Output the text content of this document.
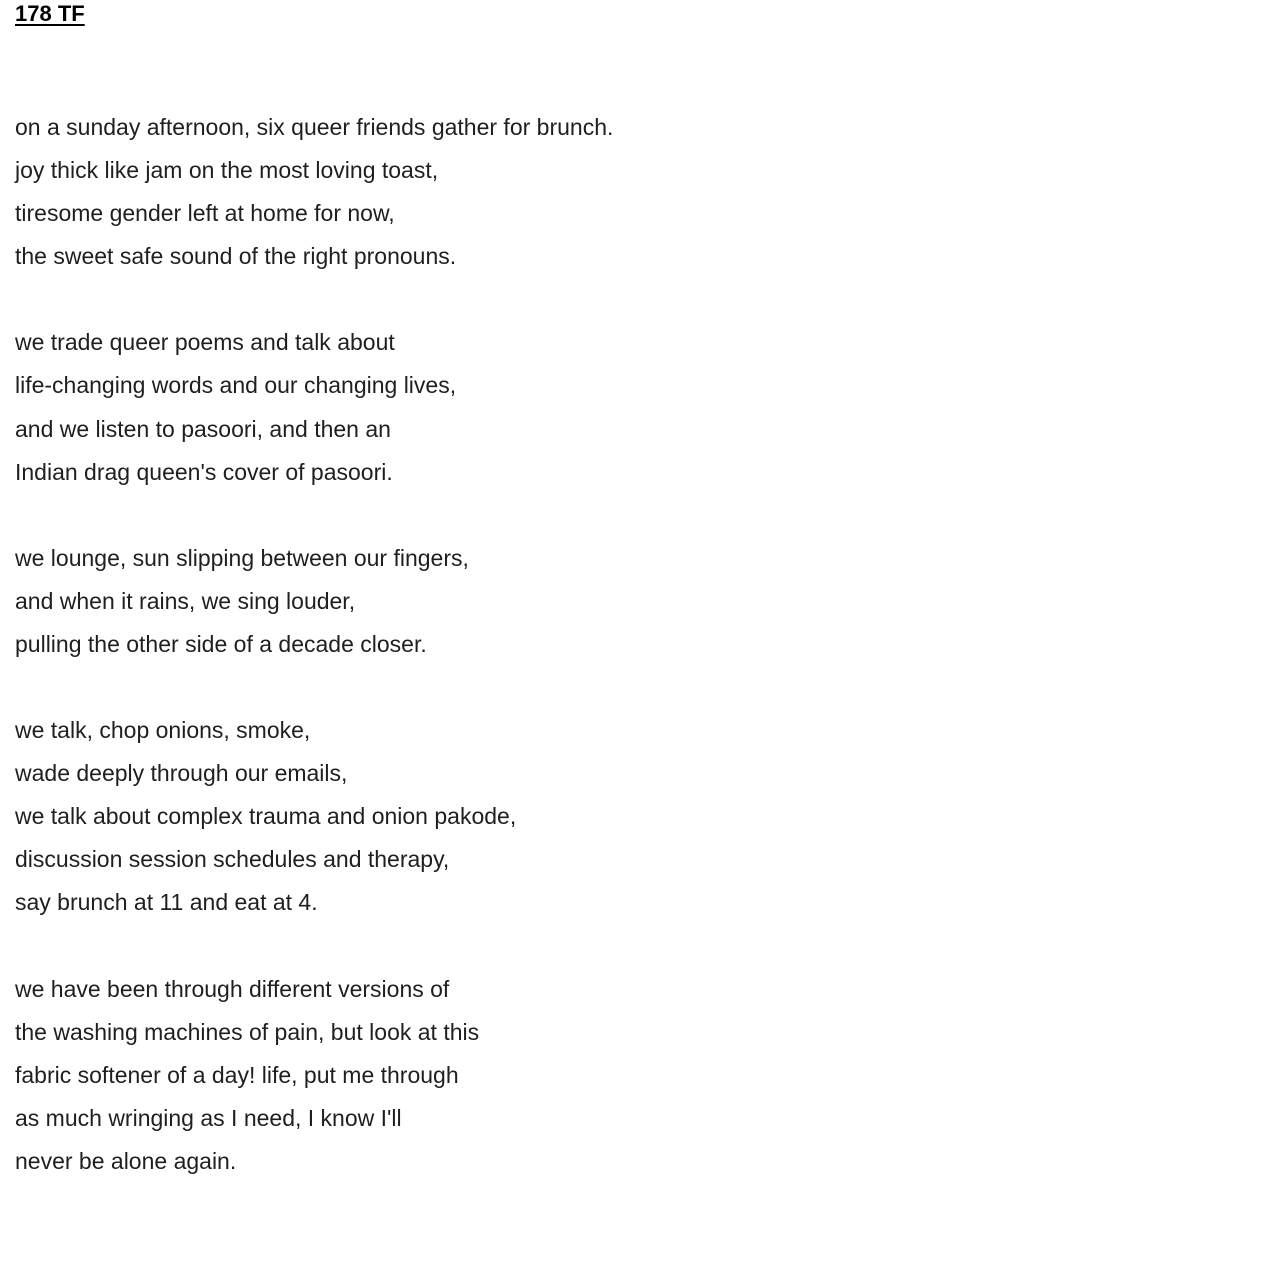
178 TF
on a sunday afternoon, six queer friends gather for brunch.
joy thick like jam on the most loving toast,
tiresome gender left at home for now,
the sweet safe sound of the right pronouns.
we trade queer poems and talk about
life-changing words and our changing lives,
and we listen to pasoori, and then an
Indian drag queen's cover of pasoori.
we lounge, sun slipping between our fingers,
and when it rains, we sing louder,
pulling the other side of a decade closer.
we talk, chop onions, smoke,
wade deeply through our emails,
we talk about complex trauma and onion pakode,
discussion session schedules and therapy,
say brunch at 11 and eat at 4.
we have been through different versions of
the washing machines of pain, but look at this
fabric softener of a day! life, put me through
as much wringing as I need, I know I'll
never be alone again.
